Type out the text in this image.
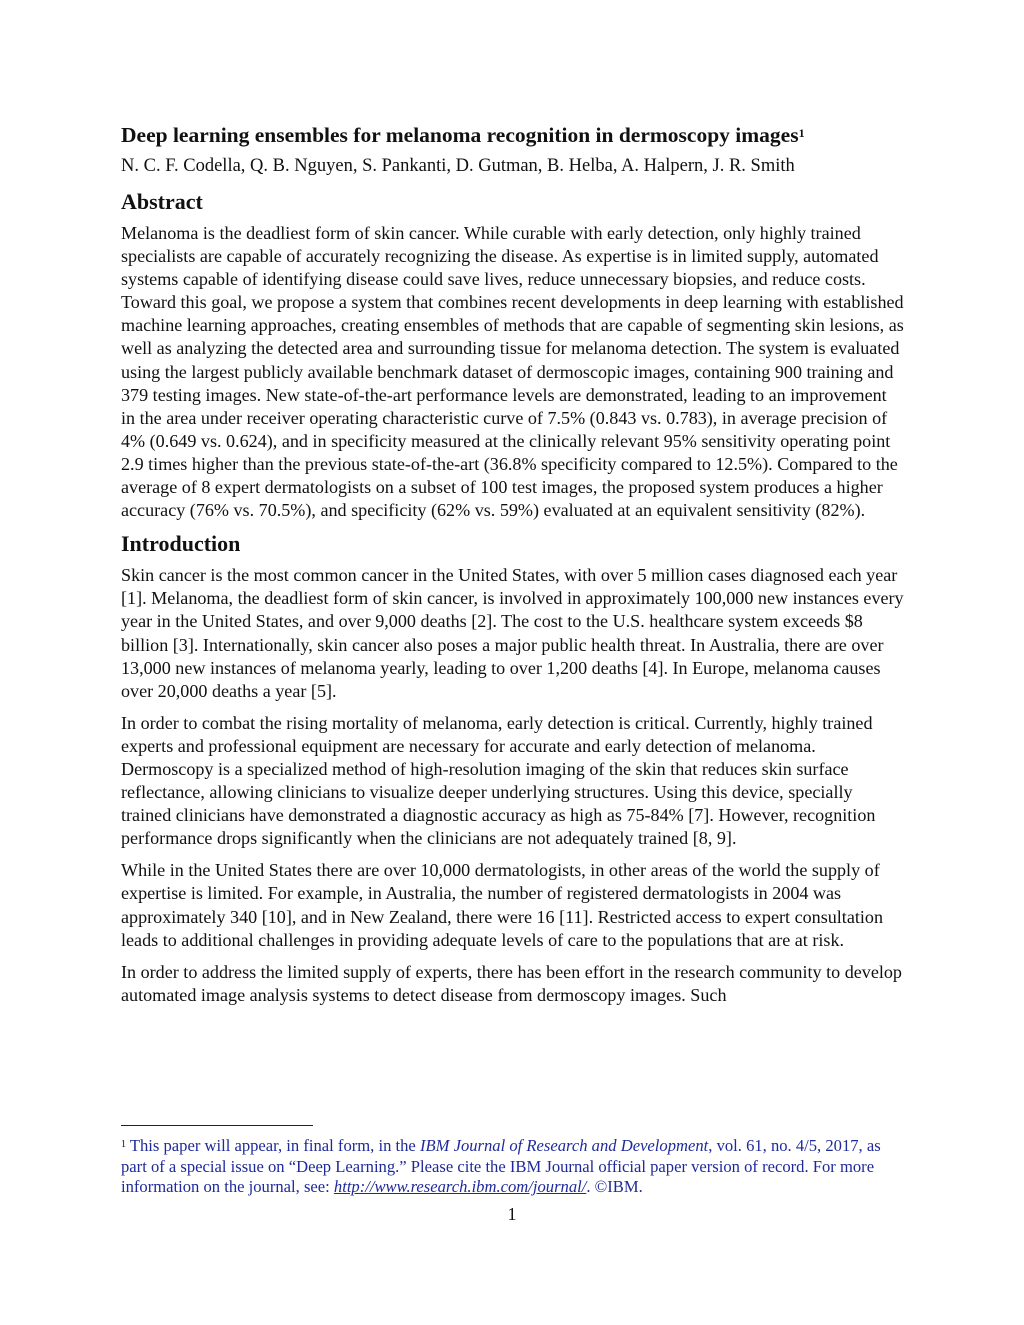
Deep learning ensembles for melanoma recognition in dermoscopy images$^1$
N. C. F. Codella, Q. B. Nguyen, S. Pankanti, D. Gutman, B. Helba, A. Halpern, J. R. Smith
Abstract

Melanoma is the deadliest form of skin cancer. While curable with early detection, only highly trained specialists are capable of accurately recognizing the disease. As expertise is in limited supply, automated systems capable of identifying disease could save lives, reduce unnecessary biopsies, and reduce costs. Toward this goal, we propose a system that combines recent developments in deep learning with established machine learning approaches, creating ensembles of methods that are capable of segmenting skin lesions, as well as analyzing the detected area and surrounding tissue for melanoma detection. The system is evaluated using the largest publicly available benchmark dataset of dermoscopic images, containing 900 training and 379 testing images. New state-of-the-art performance levels are demonstrated, leading to an improvement in the area under receiver operating characteristic curve of 7.5% (0.843 vs. 0.783), in average precision of 4% (0.649 vs. 0.624), and in specificity measured at the clinically relevant 95% sensitivity operating point 2.9 times higher than the previous state-of-the-art (36.8% specificity compared to 12.5%). Compared to the average of 8 expert dermatologists on a subset of 100 test images, the proposed system produces a higher accuracy (76% vs. 70.5%), and specificity (62% vs. 59%) evaluated at an equivalent sensitivity (82%).

Introduction

Skin cancer is the most common cancer in the United States, with over 5 million cases diagnosed each year [1]. Melanoma, the deadliest form of skin cancer, is involved in approximately 100,000 new instances every year in the United States, and over 9,000 deaths [2]. The cost to the U.S. healthcare system exceeds $8 billion [3]. Internationally, skin cancer also poses a major public health threat. In Australia, there are over 13,000 new instances of melanoma yearly, leading to over 1,200 deaths [4]. In Europe, melanoma causes over 20,000 deaths a year [5].

In order to combat the rising mortality of melanoma, early detection is critical. Currently, highly trained experts and professional equipment are necessary for accurate and early detection of melanoma. Dermoscopy is a specialized method of high-resolution imaging of the skin that reduces skin surface reflectance, allowing clinicians to visualize deeper underlying structures. Using this device, specially trained clinicians have demonstrated a diagnostic accuracy as high as 75-84% [7]. However, recognition performance drops significantly when the clinicians are not adequately trained [8, 9].

While in the United States there are over 10,000 dermatologists, in other areas of the world the supply of expertise is limited. For example, in Australia, the number of registered dermatologists in 2004 was approximately 340 [10], and in New Zealand, there were 16 [11]. Restricted access to expert consultation leads to additional challenges in providing adequate levels of care to the populations that are at risk.

In order to address the limited supply of experts, there has been effort in the research community to develop automated image analysis systems to detect disease from dermoscopy images. Such

$^1$ This paper will appear, in final form, in the IBM Journal of Research and Development, vol. 61, no. 4/5, 2017, as part of a special issue on “Deep Learning.” Please cite the IBM Journal official paper version of record. For more information on the journal, see: http://www.research.ibm.com/journal/. ©IBM.
1
